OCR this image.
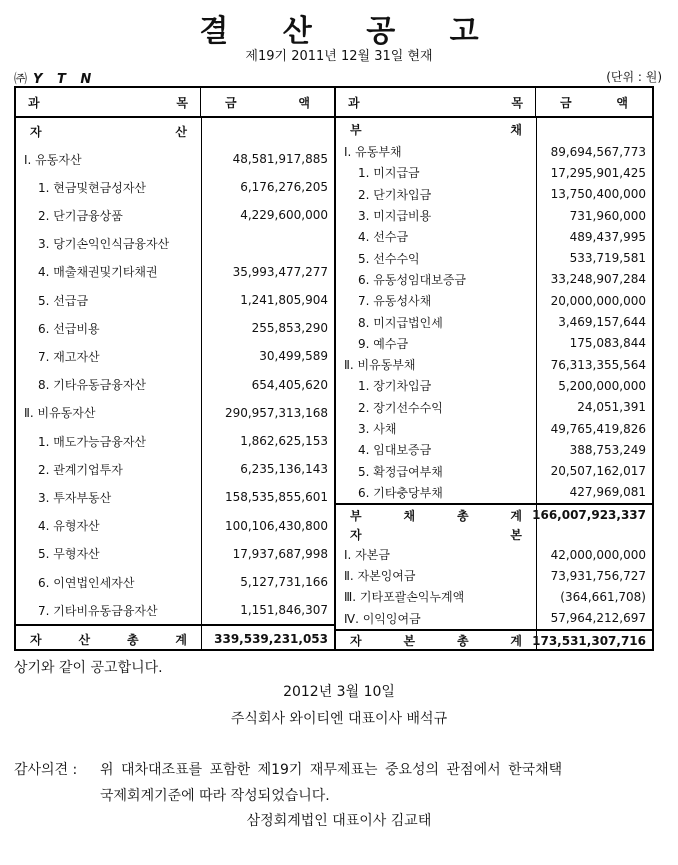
결 산 공 고
제19기 2011년 12월 31일 현재
㈜ Y T N	(단위 : 원)
과	목	금	액
자	산
Ⅰ. 유동자산	48,581,917,885
1. 현금및현금성자산	6,176,276,205
2. 단기금융상품	4,229,600,000
3. 당기손익인식금융자산
4. 매출채권및기타채권	35,993,477,277
5. 선급금	1,241,805,904
6. 선급비용	255,853,290
7. 재고자산	30,499,589
8. 기타유동금융자산	654,405,620
Ⅱ. 비유동자산	290,957,313,168
1. 매도가능금융자산	1,862,625,153
2. 관계기업투자	6,235,136,143
3. 투자부동산	158,535,855,601
4. 유형자산	100,106,430,800
5. 무형자산	17,937,687,998
6. 이연법인세자산	5,127,731,166
7. 기타비유동금융자산	1,151,846,307
자	산	총	계 339,539,231,053
과	목	금	액
부	채
Ⅰ. 유동부채	89,694,567,773
1. 미지급금	17,295,901,425
2. 단기차입금	13,750,400,000
3. 미지급비용	731,960,000
4. 선수금	489,437,995
5. 선수수익	533,719,581
6. 유동성임대보증금	33,248,907,284
7. 유동성사채	20,000,000,000
8. 미지급법인세	3,469,157,644
9. 예수금	175,083,844
Ⅱ. 비유동부채	76,313,355,564
1. 장기차입금	5,200,000,000
2. 장기선수수익	24,051,391
3. 사채	49,765,419,826
4. 임대보증금	388,753,249
5. 확정급여부채	20,507,162,017
6. 기타충당부채	427,969,081
부	채	총	계 166,007,923,337
자	본
Ⅰ. 자본금	42,000,000,000
Ⅱ. 자본잉여금	73,931,756,727
Ⅲ. 기타포괄손익누계액	(364,661,708)
Ⅳ. 이익잉여금	57,964,212,697
자	본	총	계 173,531,307,716
상기와 같이 공고합니다.
2012년 3월 10일
주식회사 와이티엔 대표이사 배석규
감사의견 : 위 대차대조표를 포함한 제19기 재무제표는 중요성의 관점에서 한국채택
국제회계기준에 따라 작성되었습니다.
삼정회계법인 대표이사 김교태
